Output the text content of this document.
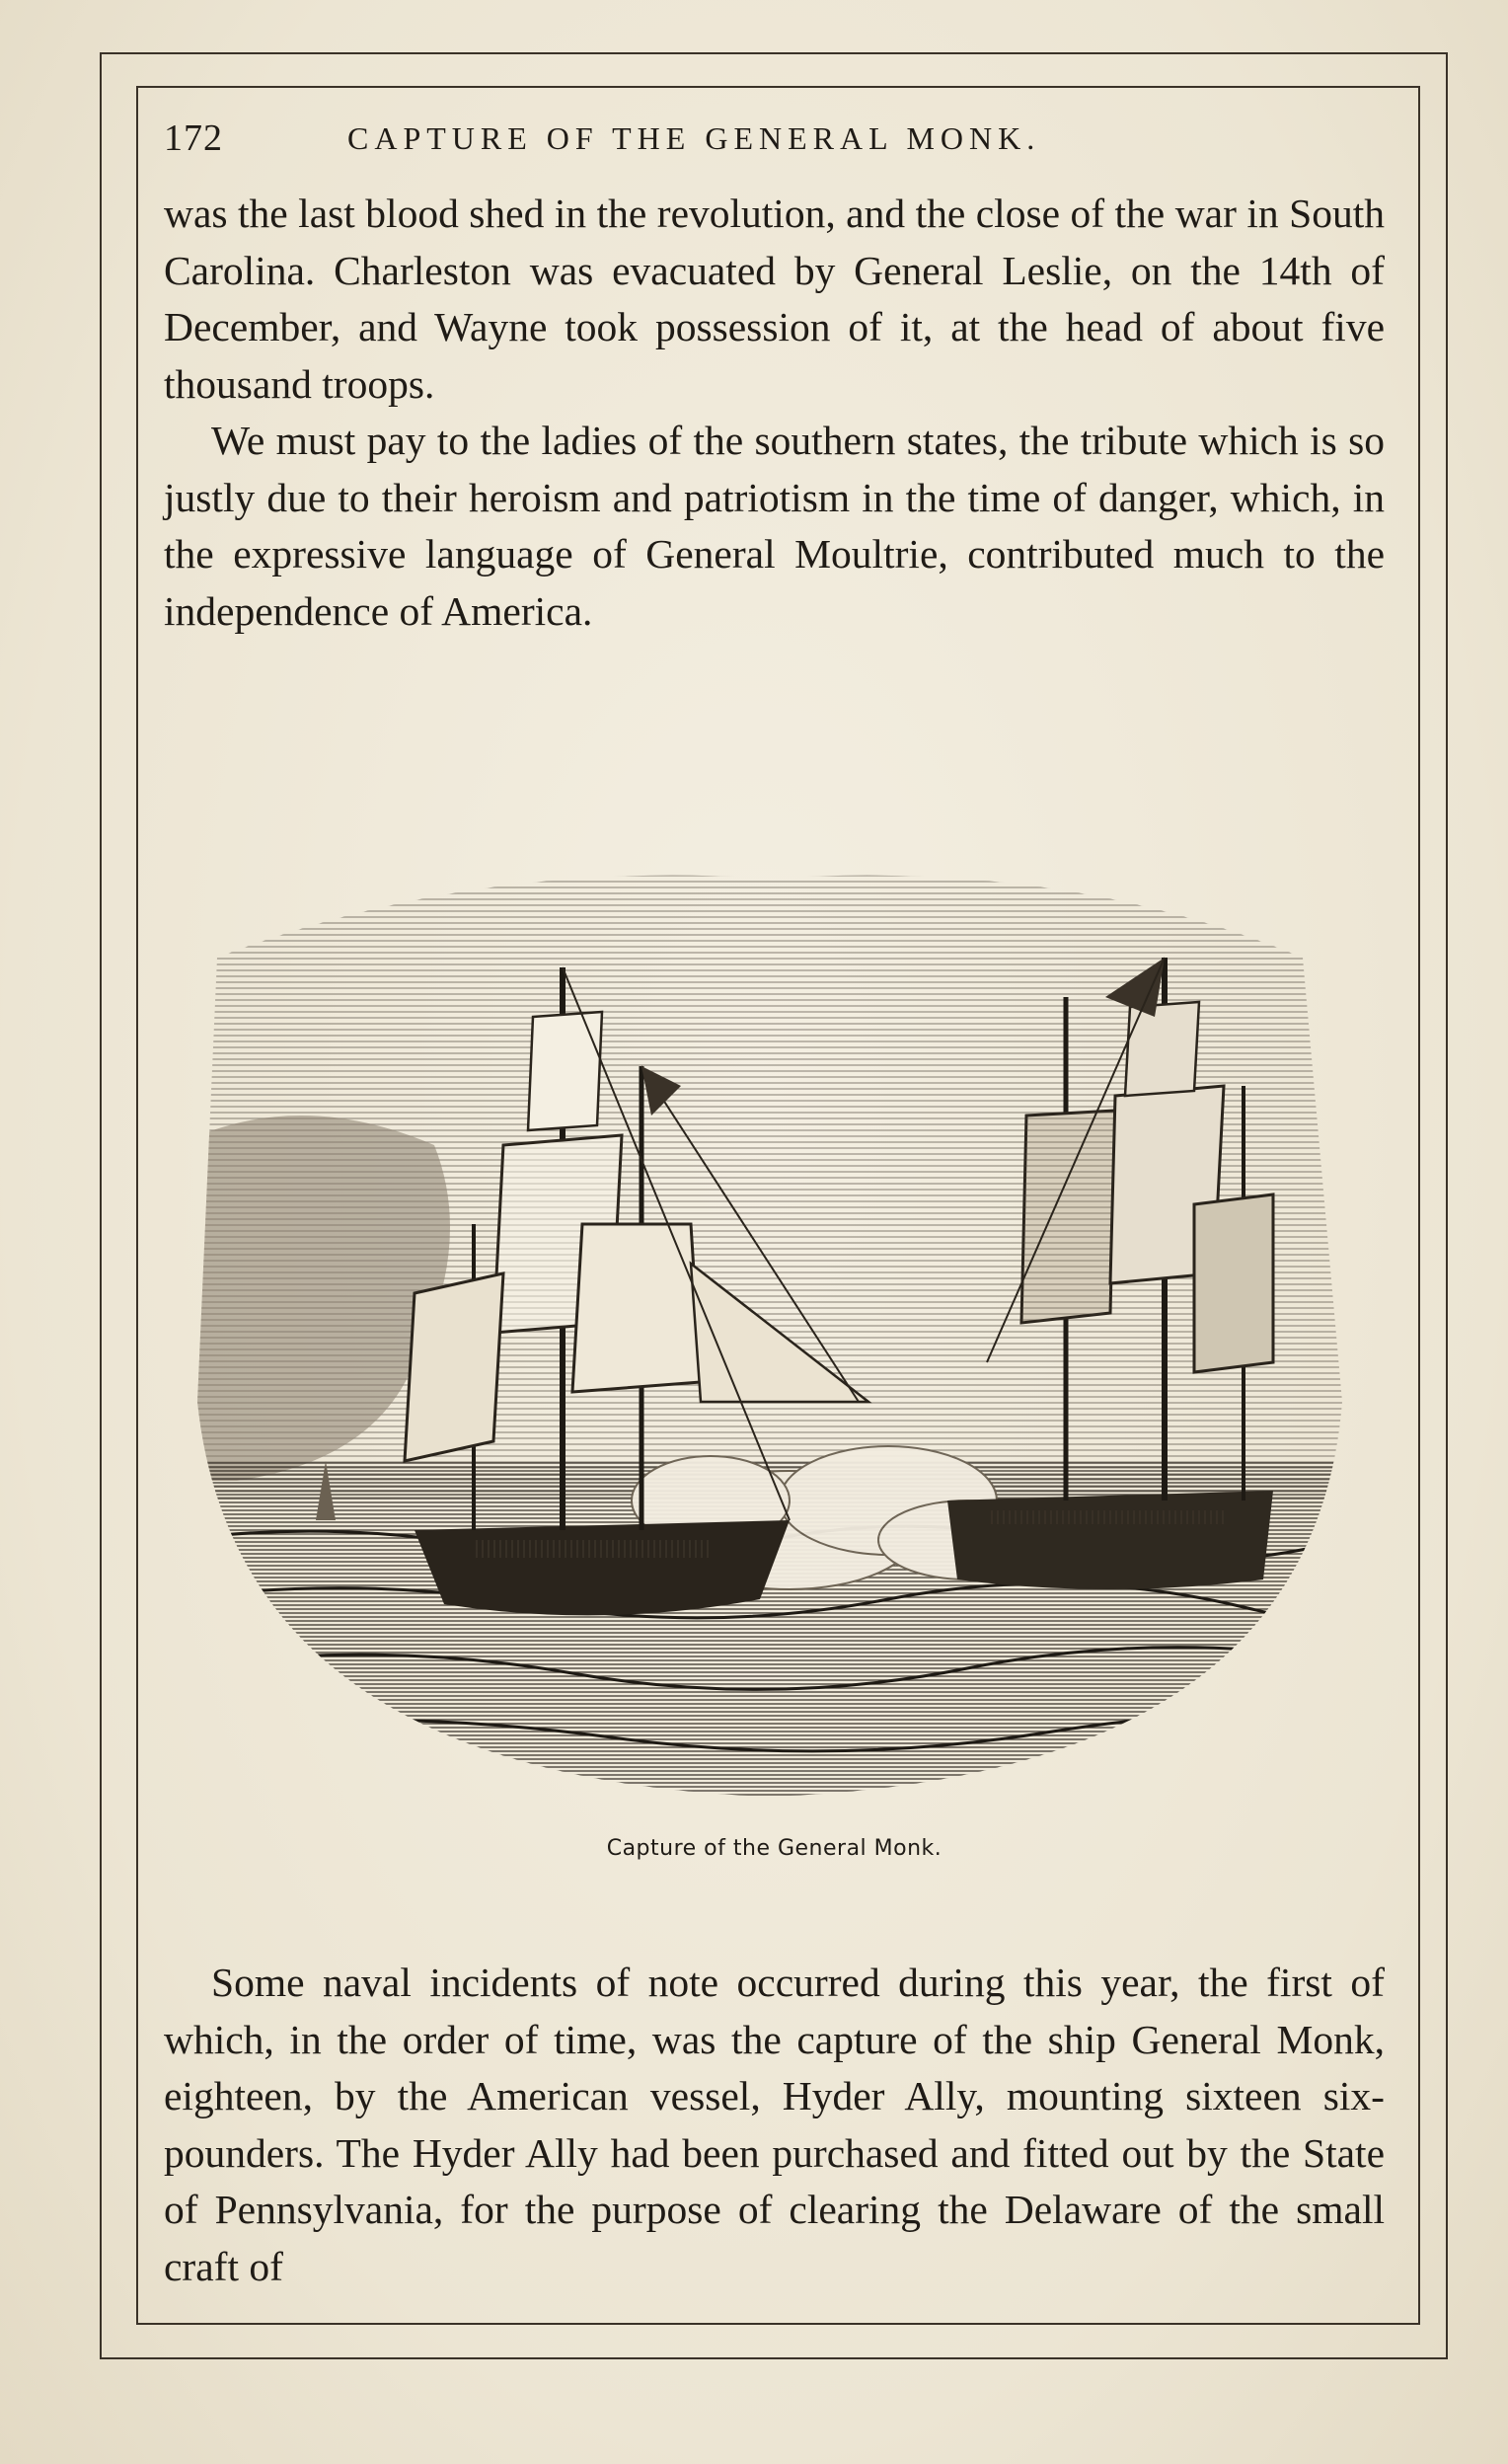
172	CAPTURE OF THE GENERAL MONK.

was the last blood shed in the revolution, and the close of the war in South Carolina. Charleston was evacuated by General Leslie, on the 14th of December, and Wayne took possession of it, at the head of about five thousand troops.

We must pay to the ladies of the southern states, the tribute which is so justly due to their heroism and patriotism in the time of danger, which, in the expressive language of General Moultrie, contributed much to the independence of America.

Capture of the General Monk.

Some naval incidents of note occurred during this year, the first of which, in the order of time, was the capture of the ship General Monk, eighteen, by the American vessel, Hyder Ally, mounting sixteen six-pounders. The Hyder Ally had been purchased and fitted out by the State of Pennsylvania, for the purpose of clearing the Delaware of the small craft of
